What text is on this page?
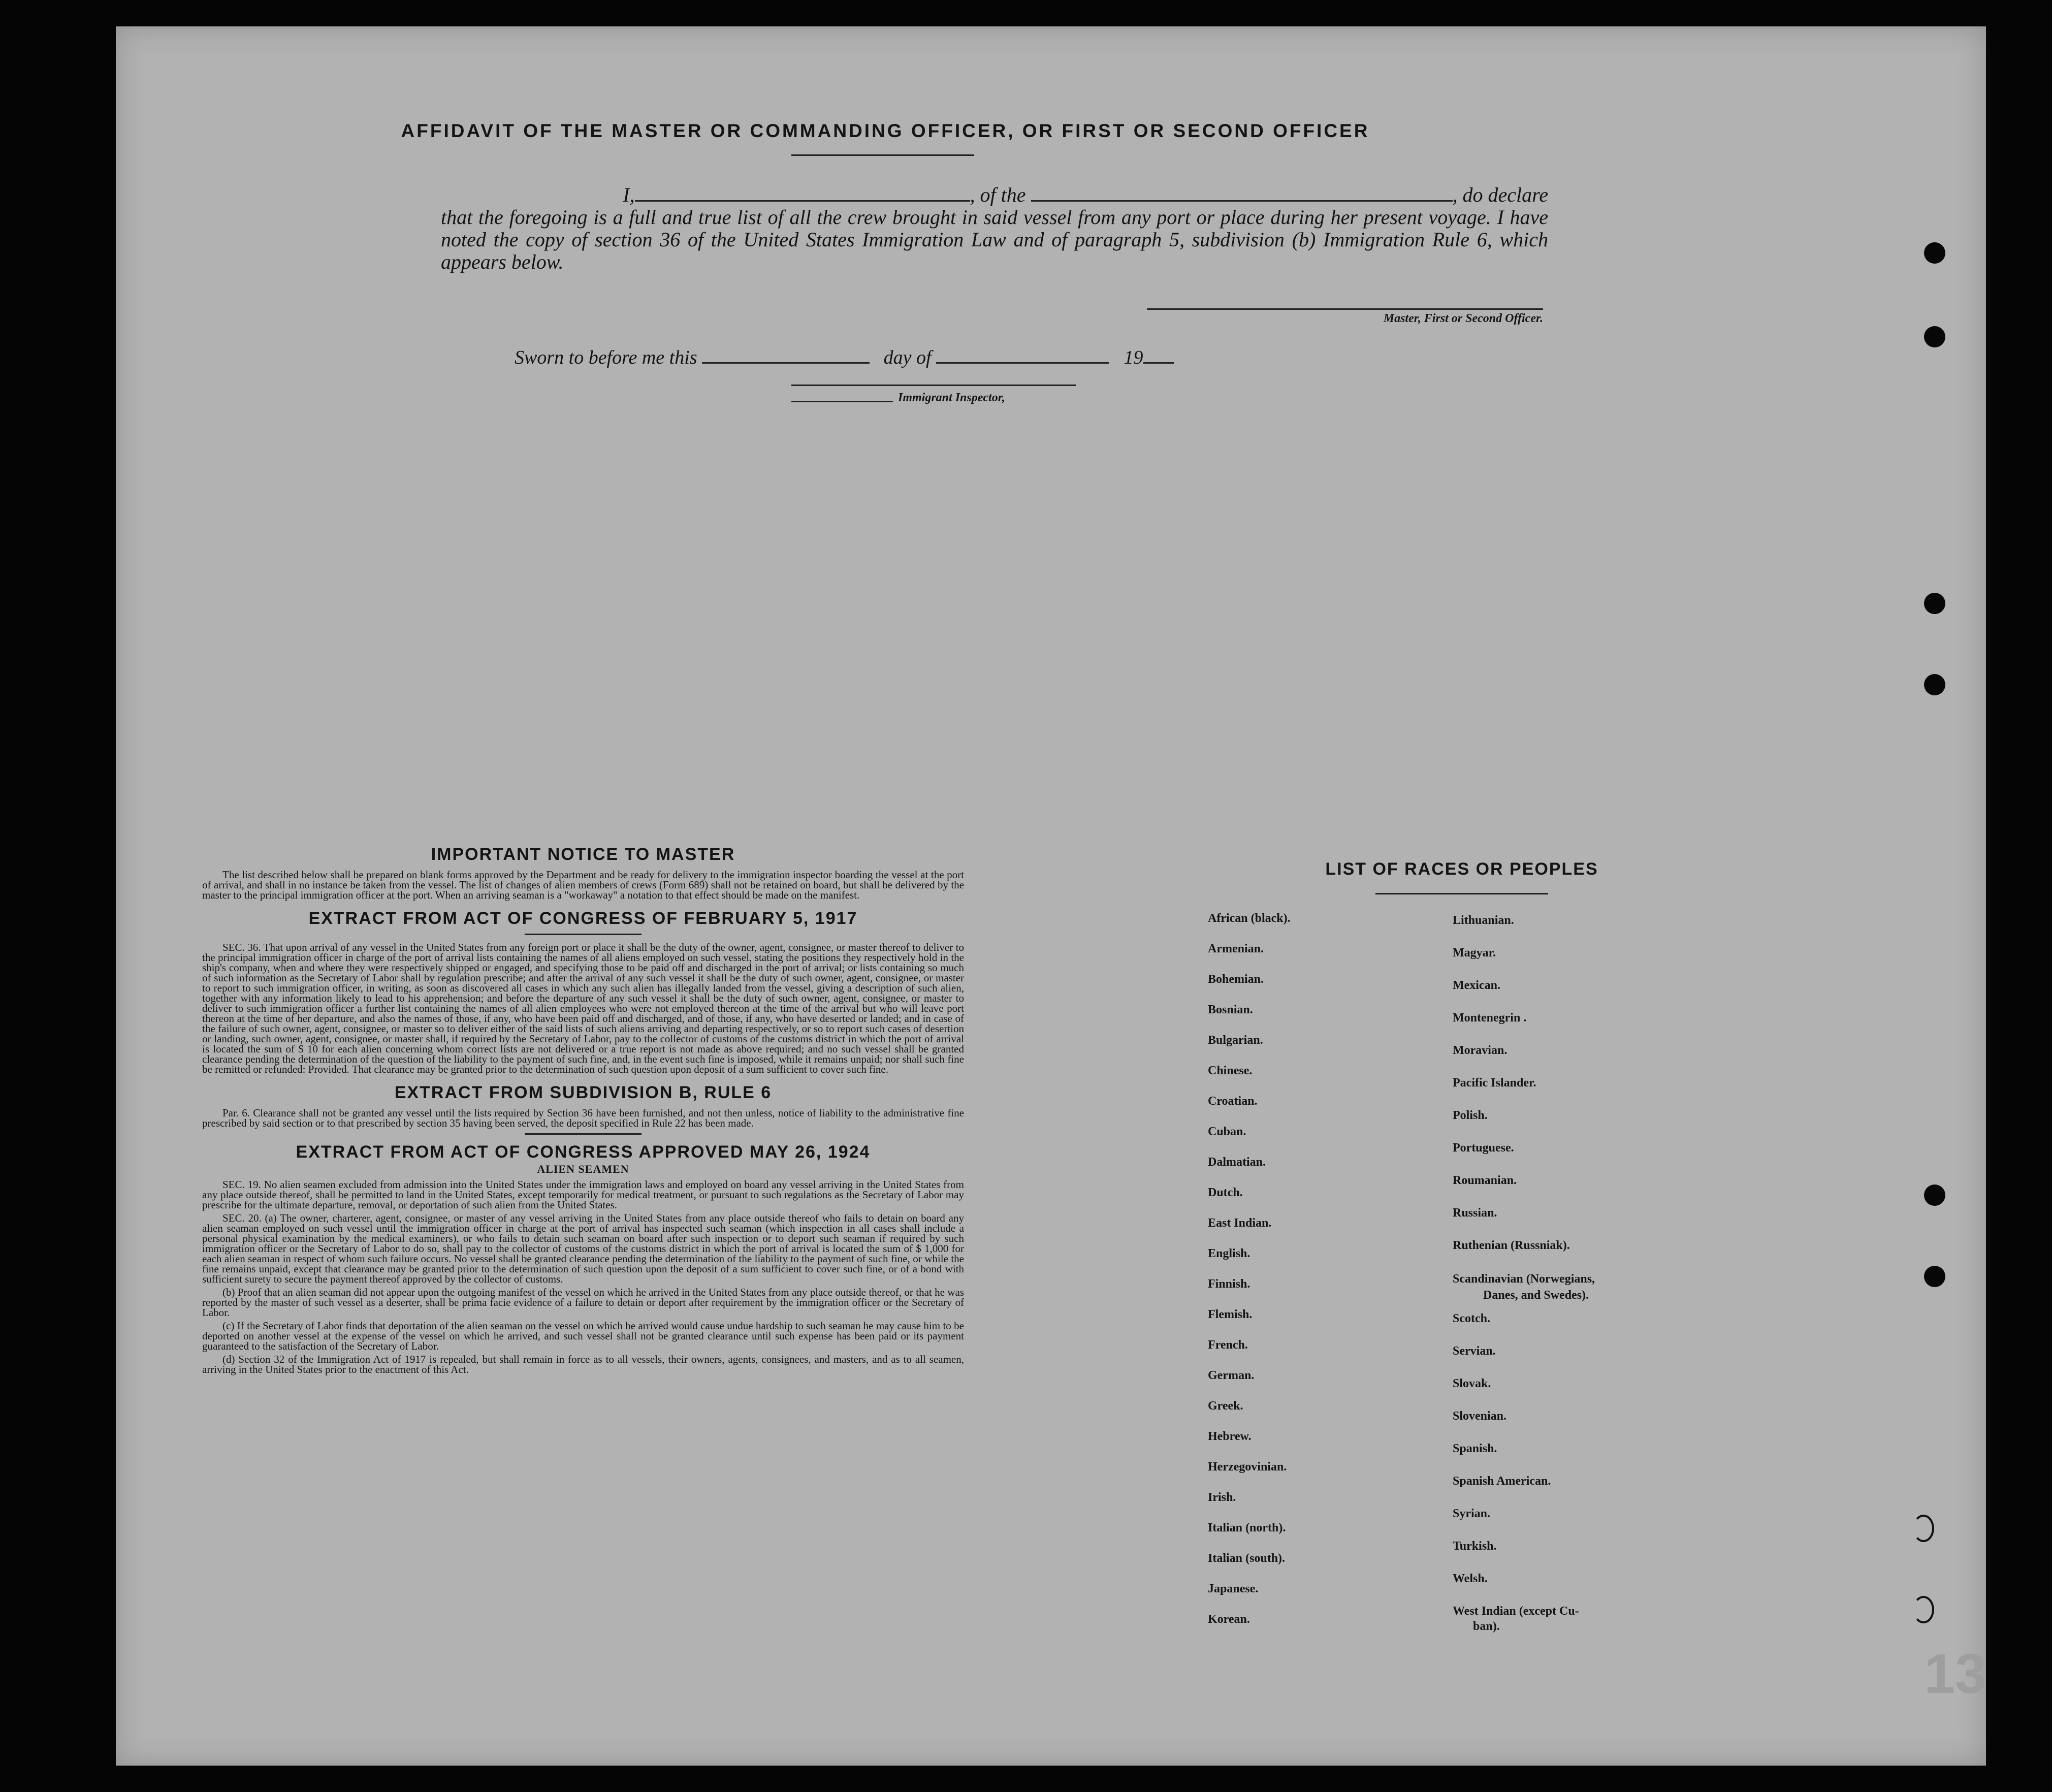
AFFIDAVIT OF THE MASTER OR COMMANDING OFFICER, OR FIRST OR SECOND OFFICER
I,	, of the	, do declare
that the foregoing is a full and true list of all the crew brought in said vessel from any port or place during her present voyage. I have noted the copy of section 36 of the United States Immigration Law and of paragraph 5, subdivision (b) Immigration Rule 6, which appears below.
Master, First or Second Officer.
Sworn to before me this	day of	19
Immigrant Inspector,
IMPORTANT NOTICE TO MASTER

The list described below shall be prepared on blank forms approved by the Department and be ready for delivery to the immigration inspector boarding the vessel at the port of arrival, and shall in no instance be taken from the vessel. The list of changes of alien members of crews (Form 689) shall not be retained on board, but shall be delivered by the master to the principal immigration officer at the port. When an arriving seaman is a "workaway" a notation to that effect should be made on the manifest.

EXTRACT FROM ACT OF CONGRESS OF FEBRUARY 5, 1917

SEC. 36. That upon arrival of any vessel in the United States from any foreign port or place it shall be the duty of the owner, agent, consignee, or master thereof to deliver to the principal immigration officer in charge of the port of arrival lists containing the names of all aliens employed on such vessel, stating the positions they respectively hold in the ship's company, when and where they were respectively shipped or engaged, and specifying those to be paid off and discharged in the port of arrival; or lists containing so much of such information as the Secretary of Labor shall by regulation prescribe; and after the arrival of any such vessel it shall be the duty of such owner, agent, consignee, or master to report to such immigration officer, in writing, as soon as discovered all cases in which any such alien has illegally landed from the vessel, giving a description of such alien, together with any information likely to lead to his apprehension; and before the departure of any such vessel it shall be the duty of such owner, agent, consignee, or master to deliver to such immigration officer a further list containing the names of all alien employees who were not employed thereon at the time of the arrival but who will leave port thereon at the time of her departure, and also the names of those, if any, who have been paid off and discharged, and of those, if any, who have deserted or landed; and in case of the failure of such owner, agent, consignee, or master so to deliver either of the said lists of such aliens arriving and departing respectively, or so to report such cases of desertion or landing, such owner, agent, consignee, or master shall, if required by the Secretary of Labor, pay to the collector of customs of the customs district in which the port of arrival is located the sum of $ 10 for each alien concerning whom correct lists are not delivered or a true report is not made as above required; and no such vessel shall be granted clearance pending the determination of the question of the liability to the payment of such fine, and, in the event such fine is imposed, while it remains unpaid; nor shall such fine be remitted or refunded: Provided. That clearance may be granted prior to the determination of such question upon deposit of a sum sufficient to cover such fine.

EXTRACT FROM SUBDIVISION B, RULE 6

Par. 6. Clearance shall not be granted any vessel until the lists required by Section 36 have been furnished, and not then unless, notice of liability to the administrative fine prescribed by said section or to that prescribed by section 35 having been served, the deposit specified in Rule 22 has been made.

EXTRACT FROM ACT OF CONGRESS APPROVED MAY 26, 1924
ALIEN SEAMEN

SEC. 19. No alien seamen excluded from admission into the United States under the immigration laws and employed on board any vessel arriving in the United States from any place outside thereof, shall be permitted to land in the United States, except temporarily for medical treatment, or pursuant to such regulations as the Secretary of Labor may prescribe for the ultimate departure, removal, or deportation of such alien from the United States.

SEC. 20. (a) The owner, charterer, agent, consignee, or master of any vessel arriving in the United States from any place outside thereof who fails to detain on board any alien seaman employed on such vessel until the immigration officer in charge at the port of arrival has inspected such seaman (which inspection in all cases shall include a personal physical examination by the medical examiners), or who fails to detain such seaman on board after such inspection or to deport such seaman if required by such immigration officer or the Secretary of Labor to do so, shall pay to the collector of customs of the customs district in which the port of arrival is located the sum of $ 1,000 for each alien seaman in respect of whom such failure occurs. No vessel shall be granted clearance pending the determination of the liability to the payment of such fine, or while the fine remains unpaid, except that clearance may be granted prior to the determination of such question upon the deposit of a sum sufficient to cover such fine, or of a bond with sufficient surety to secure the payment thereof approved by the collector of customs.

(b) Proof that an alien seaman did not appear upon the outgoing manifest of the vessel on which he arrived in the United States from any place outside thereof, or that he was reported by the master of such vessel as a deserter, shall be prima facie evidence of a failure to detain or deport after requirement by the immigration officer or the Secretary of Labor.

(c) If the Secretary of Labor finds that deportation of the alien seaman on the vessel on which he arrived would cause undue hardship to such seaman he may cause him to be deported on another vessel at the expense of the vessel on which he arrived, and such vessel shall not be granted clearance until such expense has been paid or its payment guaranteed to the satisfaction of the Secretary of Labor.

(d) Section 32 of the Immigration Act of 1917 is repealed, but shall remain in force as to all vessels, their owners, agents, consignees, and masters, and as to all seamen, arriving in the United States prior to the enactment of this Act.

LIST OF RACES OR PEOPLES
African (black).
Armenian.
Bohemian.
Bosnian.
Bulgarian.
Chinese.
Croatian.
Cuban.
Dalmatian.
Dutch.
East Indian.
English.
Finnish.
Flemish.
French.
German.
Greek.
Hebrew.
Herzegovinian.
Irish.
Italian (north).
Italian (south).
Japanese.
Korean.
Lithuanian.
Magyar.
Mexican.
Montenegrin .
Moravian.
Pacific Islander.
Polish.
Portuguese.
Roumanian.
Russian.
Ruthenian (Russniak).
Scandinavian (Norwegians,
Danes, and Swedes).
Scotch.
Servian.
Slovak.
Slovenian.
Spanish.
Spanish American.
Syrian.
Turkish.
Welsh.
West Indian (except Cu-
ban).
13
